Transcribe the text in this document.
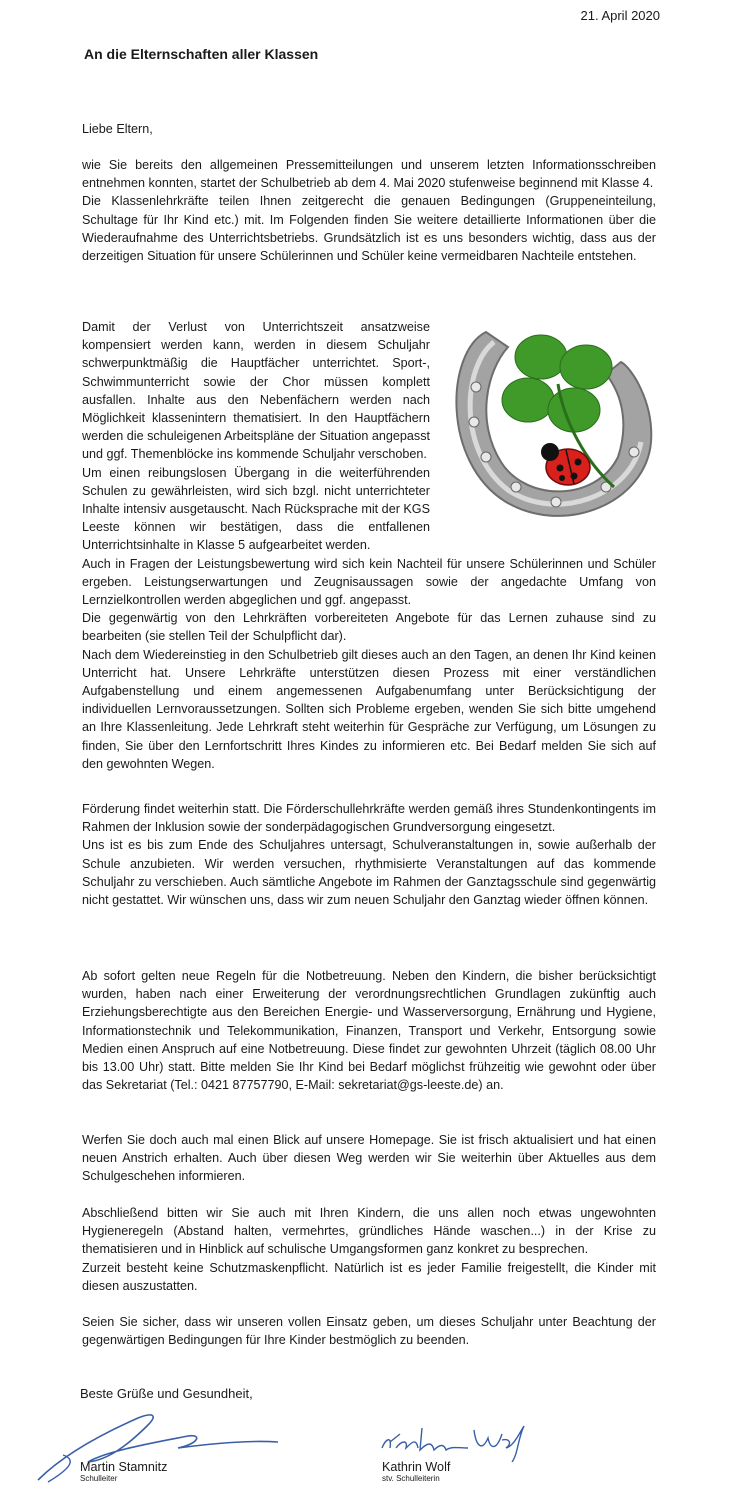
21. April 2020
An die Elternschaften aller Klassen

Liebe Eltern,

wie Sie bereits den allgemeinen Pressemitteilungen und unserem letzten Informationsschreiben entnehmen konnten, startet der Schulbetrieb ab dem 4. Mai 2020 stufenweise beginnend mit Klasse 4.

Die Klassenlehrkräfte teilen Ihnen zeitgerecht die genauen Bedingungen (Gruppeneinteilung, Schultage für Ihr Kind etc.) mit. Im Folgenden finden Sie weitere detaillierte Informationen über die Wiederaufnahme des Unterrichtsbetriebs. Grundsätzlich ist es uns besonders wichtig, dass aus der derzeitigen Situation für unsere Schülerinnen und Schüler keine vermeidbaren Nachteile entstehen.

Damit der Verlust von Unterrichtszeit ansatzweise kompensiert werden kann, werden in diesem Schuljahr schwerpunktmäßig die Hauptfächer unterrichtet. Sport-, Schwimmunterricht sowie der Chor müssen komplett ausfallen. Inhalte aus den Nebenfächern werden nach Möglichkeit klassenintern thematisiert. In den Hauptfächern werden die schuleigenen Arbeitspläne der Situation angepasst und ggf. Themenblöcke ins kommende Schuljahr verschoben.

Um einen reibungslosen Übergang in die weiterführenden Schulen zu gewährleisten, wird sich bzgl. nicht unterrichteter Inhalte intensiv ausgetauscht. Nach Rücksprache mit der KGS Leeste können wir bestätigen, dass die entfallenen Unterrichtsinhalte in Klasse 5 aufgearbeitet werden.

Auch in Fragen der Leistungsbewertung wird sich kein Nachteil für unsere Schülerinnen und Schüler ergeben. Leistungserwartungen und Zeugnisaussagen sowie der angedachte Umfang von Lernzielkontrollen werden abgeglichen und ggf. angepasst.

Die gegenwärtig von den Lehrkräften vorbereiteten Angebote für das Lernen zuhause sind zu bearbeiten (sie stellen Teil der Schulpflicht dar).

Nach dem Wiedereinstieg in den Schulbetrieb gilt dieses auch an den Tagen, an denen Ihr Kind keinen Unterricht hat. Unsere Lehrkräfte unterstützen diesen Prozess mit einer verständlichen Aufgabenstellung und einem angemessenen Aufgabenumfang unter Berücksichtigung der individuellen Lernvoraussetzungen. Sollten sich Probleme ergeben, wenden Sie sich bitte umgehend an Ihre Klassenleitung. Jede Lehrkraft steht weiterhin für Gespräche zur Verfügung, um Lösungen zu finden, Sie über den Lernfortschritt Ihres Kindes zu informieren etc. Bei Bedarf melden Sie sich auf den gewohnten Wegen.

Förderung findet weiterhin statt. Die Förderschullehrkräfte werden gemäß ihres Stundenkontingents im Rahmen der Inklusion sowie der sonderpädagogischen Grundversorgung eingesetzt.

Uns ist es bis zum Ende des Schuljahres untersagt, Schulveranstaltungen in, sowie außerhalb der Schule anzubieten. Wir werden versuchen, rhythmisierte Veranstaltungen auf das kommende Schuljahr zu verschieben. Auch sämtliche Angebote im Rahmen der Ganztagsschule sind gegenwärtig nicht gestattet. Wir wünschen uns, dass wir zum neuen Schuljahr den Ganztag wieder öffnen können.

Ab sofort gelten neue Regeln für die Notbetreuung. Neben den Kindern, die bisher berücksichtigt wurden, haben nach einer Erweiterung der verordnungsrechtlichen Grundlagen zukünftig auch Erziehungsberechtigte aus den Bereichen Energie- und Wasserversorgung, Ernährung und Hygiene, Informationstechnik und Telekommunikation, Finanzen, Transport und Verkehr, Entsorgung sowie Medien einen Anspruch auf eine Notbetreuung. Diese findet zur gewohnten Uhrzeit (täglich 08.00 Uhr bis 13.00 Uhr) statt. Bitte melden Sie Ihr Kind bei Bedarf möglichst frühzeitig wie gewohnt oder über das Sekretariat (Tel.: 0421 87757790, E-Mail: sekretariat@gs-leeste.de) an.

Werfen Sie doch auch mal einen Blick auf unsere Homepage. Sie ist frisch aktualisiert und hat einen neuen Anstrich erhalten. Auch über diesen Weg werden wir Sie weiterhin über Aktuelles aus dem Schulgeschehen informieren.

Abschließend bitten wir Sie auch mit Ihren Kindern, die uns allen noch etwas ungewohnten Hygieneregeln (Abstand halten, vermehrtes, gründliches Hände waschen...) in der Krise zu thematisieren und in Hinblick auf schulische Umgangsformen ganz konkret zu besprechen.

Zurzeit besteht keine Schutzmaskenpflicht. Natürlich ist es jeder Familie freigestellt, die Kinder mit diesen auszustatten.

Seien Sie sicher, dass wir unseren vollen Einsatz geben, um dieses Schuljahr unter Beachtung der gegenwärtigen Bedingungen für Ihre Kinder bestmöglich zu beenden.

Beste Grüße und Gesundheit,
Martin Stamnitz
Schulleiter
Kathrin Wolf
stv. Schulleiterin
